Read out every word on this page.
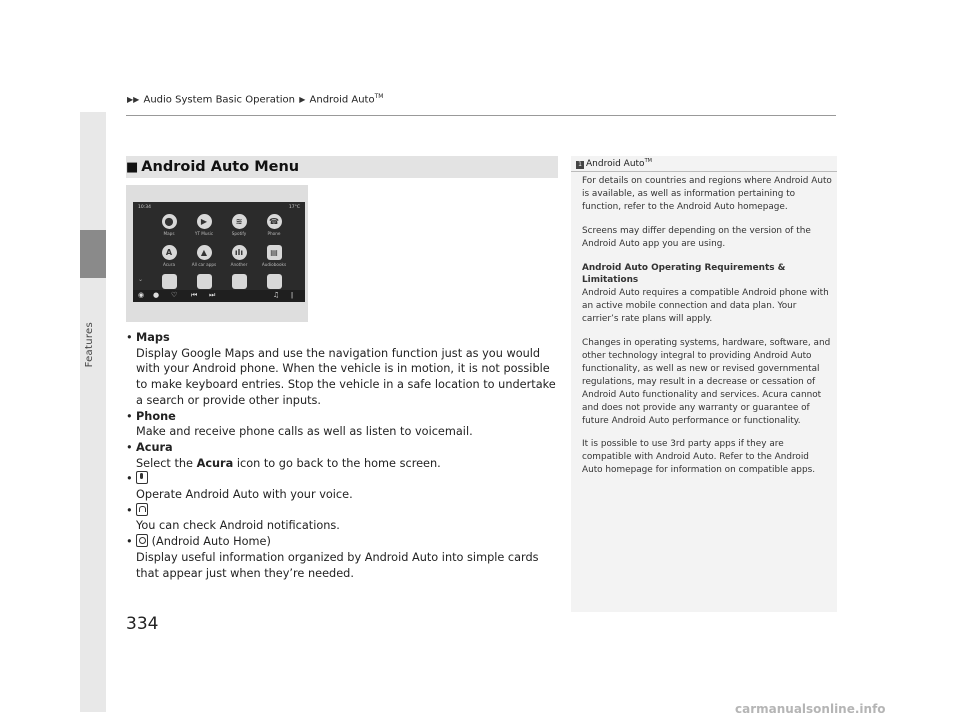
Features
▶▶ Audio System Basic Operation ▶ Android Auto™
■ Android Auto Menu
10:34	17°C
⬤
Maps
▶
YT Music
≋
Spotify
☎
Phone
A
Acura
▲
All car apps
ılı
Another
▤
Audiobooks
⌄
◉ ● ♡ ⏮ ⏭	♫ ǀ
• Maps
Display Google Maps and use the navigation function just as you would with your Android phone. When the vehicle is in motion, it is not possible to make keyboard entries. Stop the vehicle in a safe location to undertake a search or provide other inputs.
• Phone
Make and receive phone calls as well as listen to voicemail.
• Acura
Select the Acura icon to go back to the home screen.
•
Operate Android Auto with your voice.
•
You can check Android notifications.
• (Android Auto Home)
Display useful information organized by Android Auto into simple cards that appear just when they’re needed.
1 Android Auto™

For details on countries and regions where Android Auto is available, as well as information pertaining to function, refer to the Android Auto homepage.

Screens may differ depending on the version of the Android Auto app you are using.

Android Auto Operating Requirements & Limitations
Android Auto requires a compatible Android phone with an active mobile connection and data plan. Your carrier’s rate plans will apply.

Changes in operating systems, hardware, software, and other technology integral to providing Android Auto functionality, as well as new or revised governmental regulations, may result in a decrease or cessation of Android Auto functionality and services. Acura cannot and does not provide any warranty or guarantee of future Android Auto performance or functionality.

It is possible to use 3rd party apps if they are compatible with Android Auto. Refer to the Android Auto homepage for information on compatible apps.

334
carmanualsonline.info
